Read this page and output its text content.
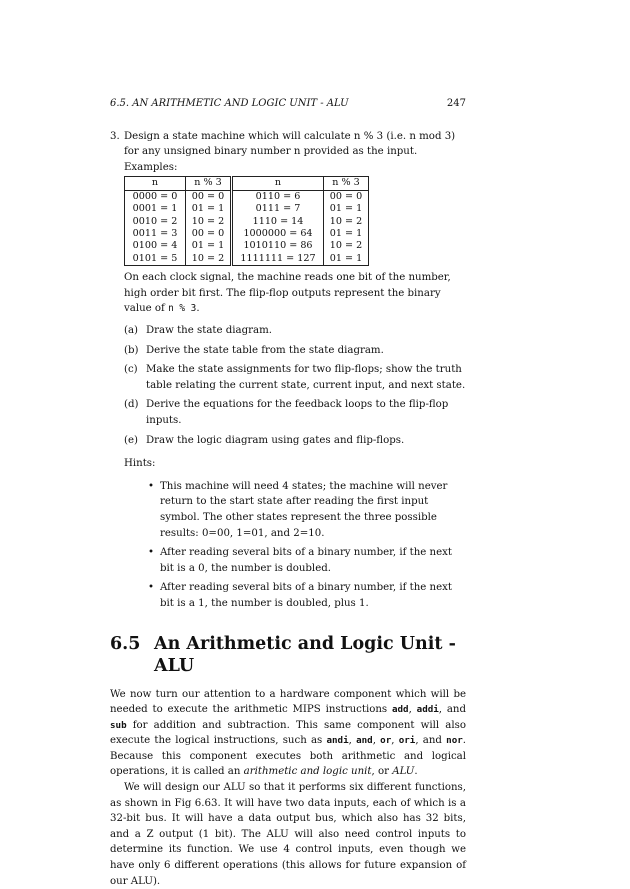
6.5. AN ARITHMETIC AND LOGIC UNIT - ALU	247
3. Design a state machine which will calculate n % 3 (i.e. n mod 3) for any unsigned binary number n provided as the input. Examples:
n	n % 3	n	n % 3
0000 = 0	00 = 0	0110 = 6	00 = 0
0001 = 1	01 = 1	0111 = 7	01 = 1
0010 = 2	10 = 2	1110 = 14	10 = 2
0011 = 3	00 = 0	1000000 = 64	01 = 1
0100 = 4	01 = 1	1010110 = 86	10 = 2
0101 = 5	10 = 2	1111111 = 127	01 = 1
On each clock signal, the machine reads one bit of the number, high order bit first. The flip-flop outputs represent the binary value of n % 3.
(a) Draw the state diagram.
(b) Derive the state table from the state diagram.
(c) Make the state assignments for two flip-flops; show the truth table relating the current state, current input, and next state.
(d) Derive the equations for the feedback loops to the flip-flop inputs.
(e) Draw the logic diagram using gates and flip-flops.
Hints:
• This machine will need 4 states; the machine will never return to the start state after reading the first input symbol. The other states represent the three possible results: 0=00, 1=01, and 2=10.
• After reading several bits of a binary number, if the next bit is a 0, the number is doubled.
• After reading several bits of a binary number, if the next bit is a 1, the number is doubled, plus 1.
6.5 An Arithmetic and Logic Unit - ALU
We now turn our attention to a hardware component which will be needed to execute the arithmetic MIPS instructions add, addi, and sub for addition and subtraction. This same component will also execute the logical instructions, such as andi, and, or, ori, and nor. Because this component executes both arithmetic and logical operations, it is called an arithmetic and logic unit, or ALU.
We will design our ALU so that it performs six different functions, as shown in Fig 6.63. It will have two data inputs, each of which is a 32-bit bus. It will have a data output bus, which also has 32 bits, and a Z output (1 bit). The ALU will also need control inputs to determine its function. We use 4 control inputs, even though we have only 6 different operations (this allows for future expansion of our ALU).
